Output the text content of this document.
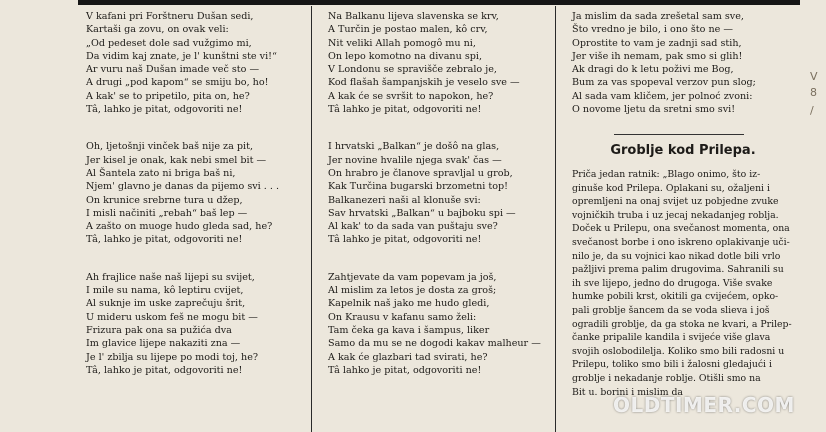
V kafani pri Forštneru Dušan sedi,
Kartaši ga zovu, on ovak veli:
„Od pedeset dole sad vužgimo mi,
Da vidim kaj znate, je l' kunštni ste vi!“
Ar vuru naš Dušan imade več sto —
A drugi „pod kapom“ se smiju bo, ho!
A kak' se to pripetilo, pita on, he?
Tâ, lahko je pitat, odgovoriti ne!
Oh, ljetošnji vinček baš nije za pit,
Jer kisel je onak, kak nebi smel bit —
Al Šantela zato ni briga baš ni,
Njem' glavno je danas da pijemo svi . . .
On krunice srebrne tura u džep,
I misli načiniti „rebah“ baš lep —
A zašto on muoge hudo gleda sad, he?
Tâ, lahko je pitat, odgovoriti ne!
Ah frajlice naše naš lijepi su svijet,
I mile su nama, kô leptiru cvijet,
Al suknje im uske zaprečuju šrit,
U mideru uskom feš ne mogu bit —
Frizura pak ona sa pužića dva
Im glavice lijepe nakaziti zna —
Je l' zbilja su lijepe po modi toj, he?
Tâ, lahko je pitat, odgovoriti ne!
Na Balkanu lijeva slavenska se krv,
A Turčin je postao malen, kô crv,
Nit veliki Allah pomogô mu ni,
On lepo komotno na divanu spi,
V Londonu se spravišče zebralo je,
Kod flašah šampanjskih je veselo sve —
A kak će se svršit to napokon, he?
Tâ lahko je pitat, odgovoriti ne!
I hrvatski „Balkan“ je došô na glas,
Jer novine hvalile njega svak' čas —
On hrabro je članove spravljal u grob,
Kak Turčina bugarski brzometni top!
Balkanezeri naši al klonuše svi:
Sav hrvatski „Balkan“ u bajboku spi —
Al kak' to da sada van puštaju sve?
Tâ lahko je pitat, odgovoriti ne!
Zahtjevate da vam popevam ja još,
Al mislim za letos je dosta za groš;
Kapelnik naš jako me hudo gledi,
On Krausu v kafanu samo želi:
Tam čeka ga kava i šampus, liker
Samo da mu se ne dogodi kakav malheur —
A kak će glazbari tad svirati, he?
Tâ lahko je pitat, odgovoriti ne!
Ja mislim da sada zrešetal sam sve,
Što vredno je bilo, i ono što ne —
Oprostite to vam je zadnji sad stih,
Jer više ih nemam, pak smo si glih!
Ak dragi do k letu poživi me Bog,
Bum za vas spopeval verzov pun slog;
Al sada vam kličem, jer polnoć zvoni:
O novome ljetu da sretni smo svi!
Groblje kod Prilepa.
Priča jedan ratnik: „Blago onimo, što iz-
ginuše kod Prilepa. Oplakani su, ožaljeni i
opremljeni na onaj svijet uz pobjedne zvuke
vojničkih truba i uz jecaj nekadanjeg roblja.
Doček u Prilepu, ona svečanost momenta, ona
svečanost borbe i ono iskreno oplakivanje uči-
nilo je, da su vojnici kao nikad dotle bili vrlo
pažljivi prema palim drugovima. Sahranili su
ih sve lijepo, jedno do drugoga. Više svake
humke pobili krst, okitili ga cvijećem, opko-
pali groblje šancem da se voda slieva i još
ogradili groblje, da ga stoka ne kvari, a Prilep-
čanke pripalile kandila i svijeće više glava
svojih oslobodilelja. Koliko smo bili radosni u
Prilepu, toliko smo bili i žalosni gledajući i
groblje i nekadanje roblje. Otišli smo na
Bit u. borini i mislim da
V
8
/
OLDTIMER.COM
